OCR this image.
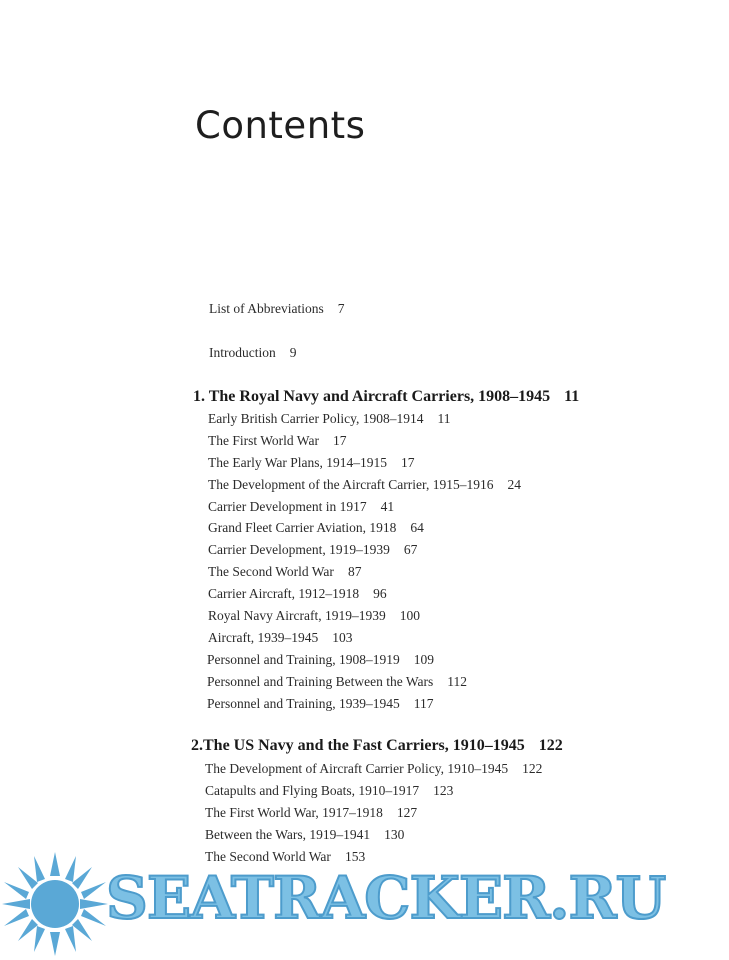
Contents
List of Abbreviations 7
Introduction 9
1. The Royal Navy and Aircraft Carriers, 1908–1945 11
Early British Carrier Policy, 1908–1914 11
The First World War 17
The Early War Plans, 1914–1915 17
The Development of the Aircraft Carrier, 1915–1916 24
Carrier Development in 1917 41
Grand Fleet Carrier Aviation, 1918 64
Carrier Development, 1919–1939 67
The Second World War 87
Carrier Aircraft, 1912–1918 96
Royal Navy Aircraft, 1919–1939 100
Aircraft, 1939–1945 103
Personnel and Training, 1908–1919 109
Personnel and Training Between the Wars 112
Personnel and Training, 1939–1945 117
2.The US Navy and the Fast Carriers, 1910–1945 122
The Development of Aircraft Carrier Policy, 1910–1945 122
Catapults and Flying Boats, 1910–1917 123
The First World War, 1917–1918 127
Between the Wars, 1919–1941 130
The Second World War 153
SEATRACKER.RU
